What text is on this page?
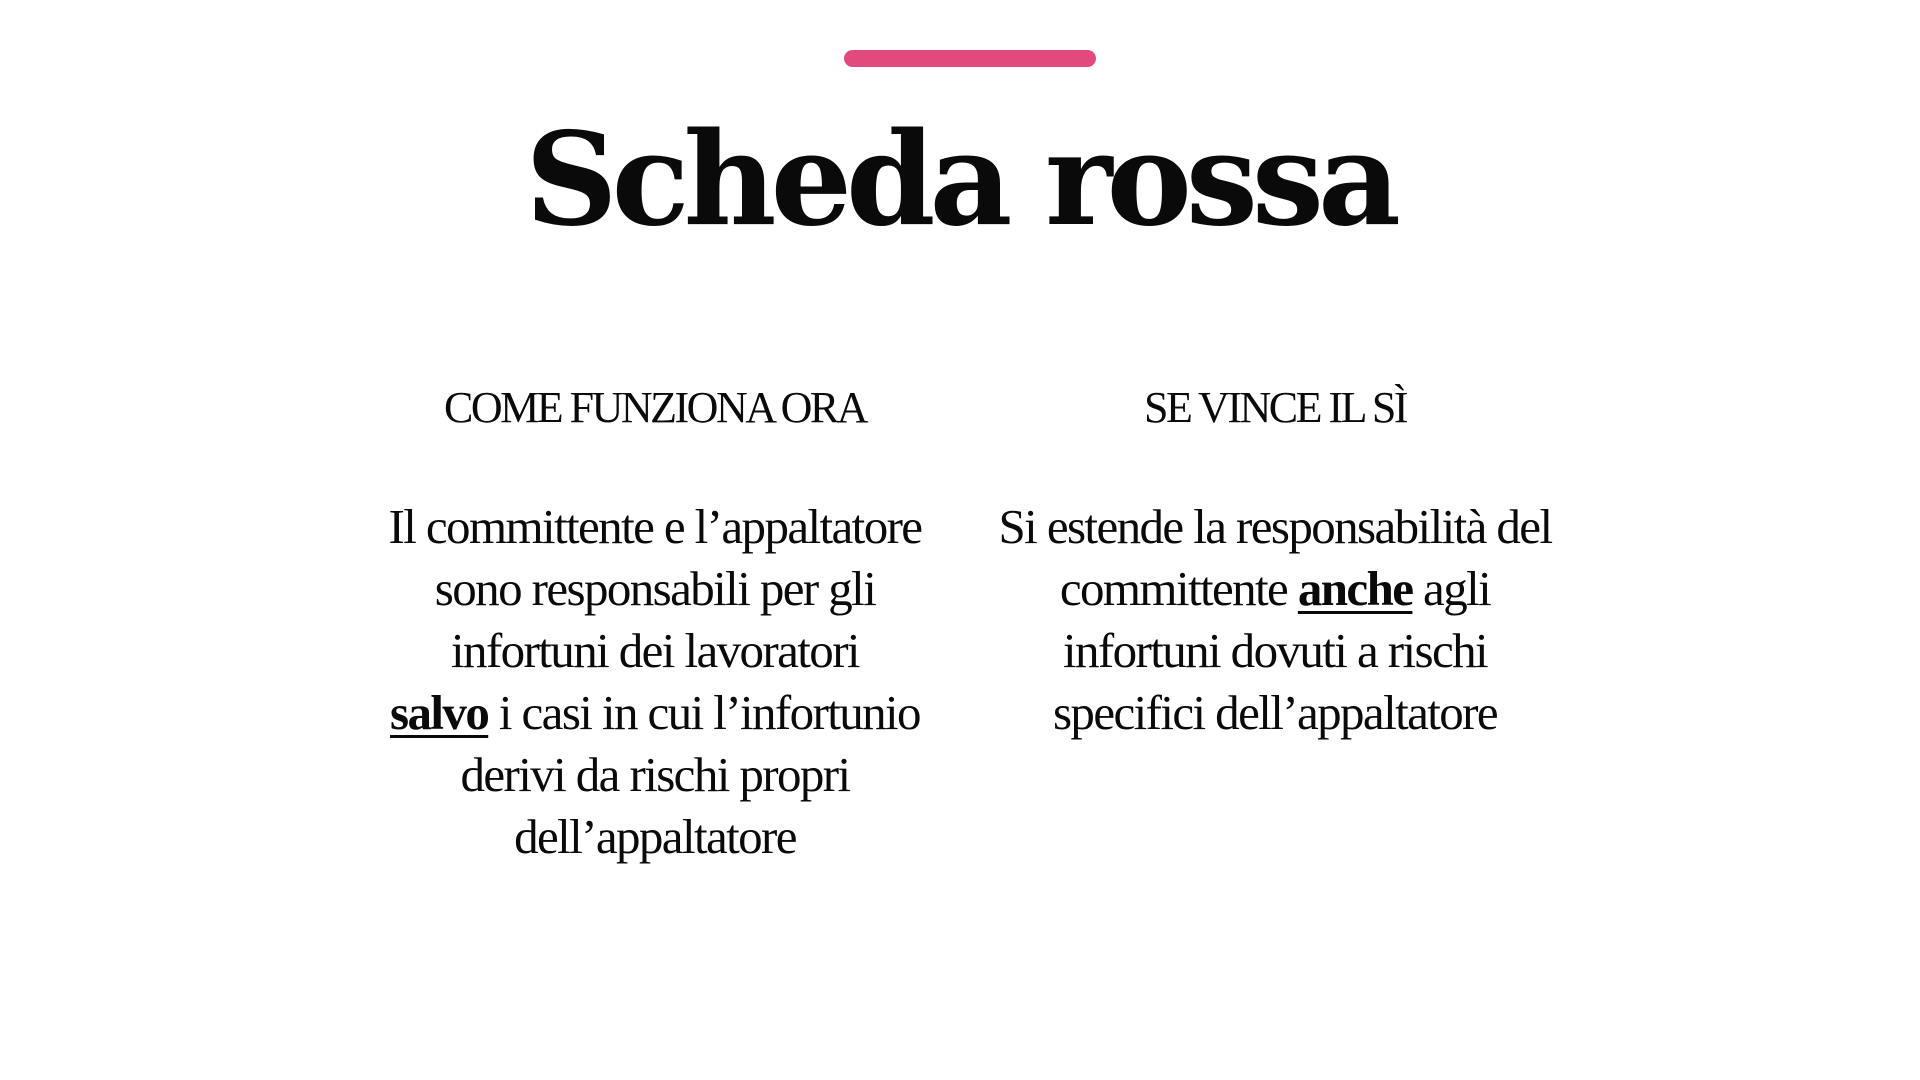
Scheda rossa
COME FUNZIONA ORA

Il committente e l’appaltatore sono responsabili per gli infortuni dei lavoratori
salvo i casi in cui l’infortunio derivi da rischi propri dell’appaltatore

SE VINCE IL SÌ

Si estende la responsabilità del committente anche agli infortuni dovuti a rischi specifici dell’appaltatore
